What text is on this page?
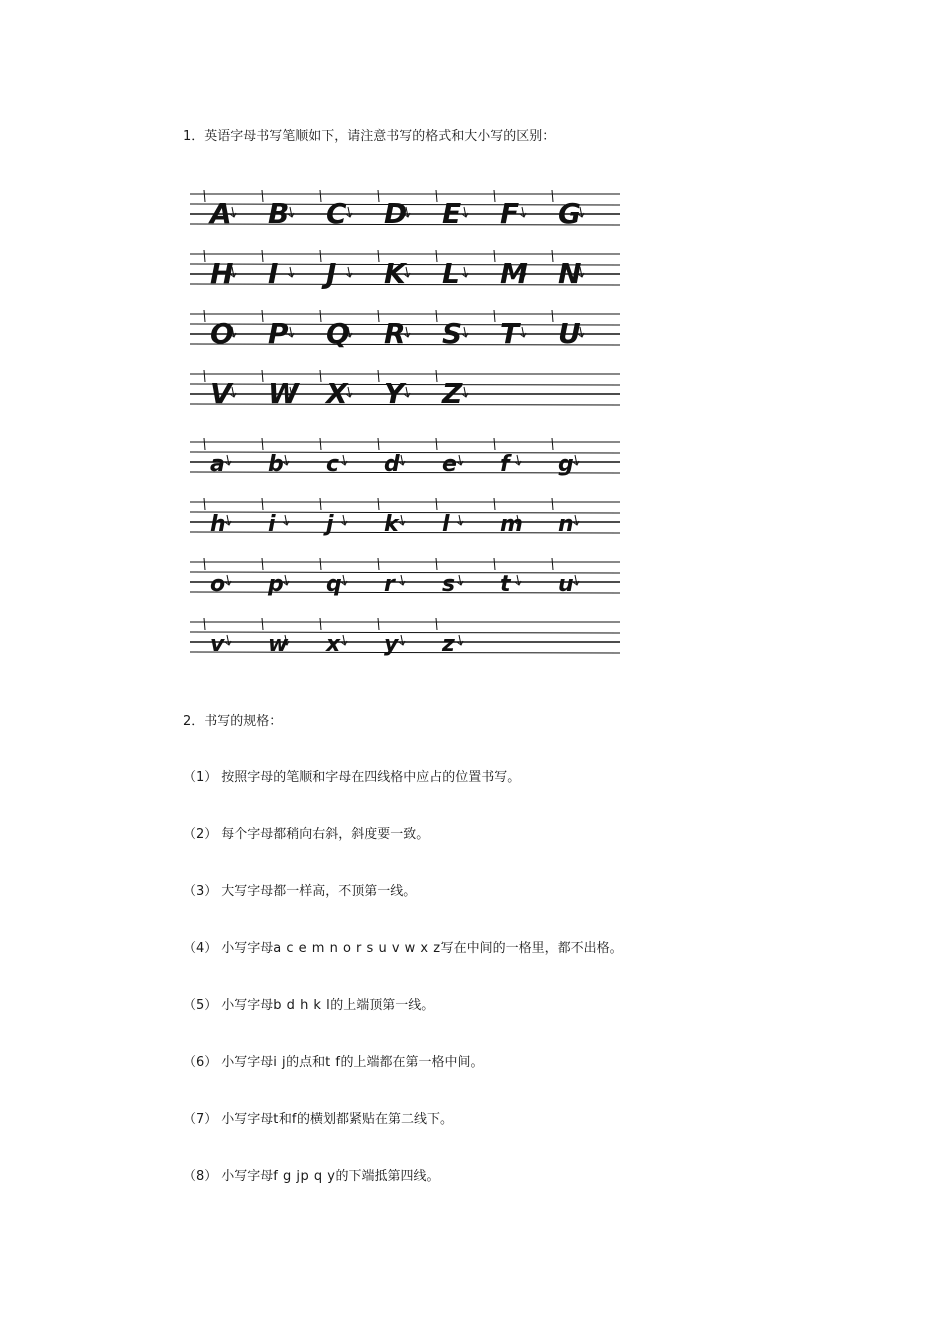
1．英语字母书写笔顺如下，请注意书写的格式和大小写的区别：
A B C D E F G
H I J K L M N
O P Q R S T U
V W X Y Z
a b c d e f g
h i j k l m n
o p q r s t u
v w x y z
2．书写的规格：
（1） 按照字母的笔顺和字母在四线格中应占的位置书写。
（2） 每个字母都稍向右斜，斜度要一致。
（3） 大写字母都一样高，不顶第一线。
（4） 小写字母a c e m n o r s u v w x z写在中间的一格里，都不出格。
（5） 小写字母b d h k l的上端顶第一线。
（6） 小写字母i j的点和t f的上端都在第一格中间。
（7） 小写字母t和f的横划都紧贴在第二线下。
（8） 小写字母f g jp q y的下端抵第四线。
